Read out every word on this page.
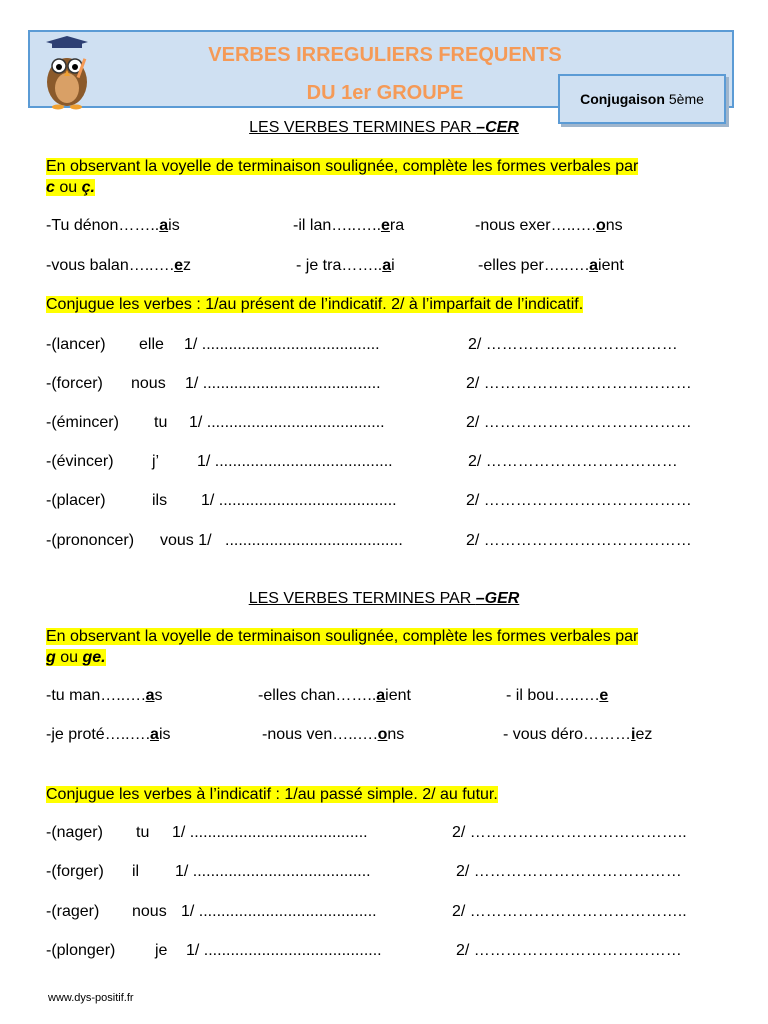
VERBES IRREGULIERS FREQUENTS
DU 1er GROUPE	Conjugaison 5ème
LES VERBES TERMINES PAR –CER
En observant la voyelle de terminaison soulignée, complète les formes verbales par
c ou ç.
-Tu dénon……..ais	-il lan…..…..era	-nous exer…..….ons
-vous balan…..….ez	- je tra……..ai	-elles per…..….aient
Conjugue les verbes : 1/au présent de l’indicatif. 2/ à l’imparfait de l’indicatif.
-(lancer) elle 1/ ........................................	2/ ………………………………
-(forcer) nous 1/ ........................................	2/ …………………………………
-(émincer) tu 1/ ........................................	2/ …………………………………
-(évincer) j’ 1/ ........................................	2/ ………………………………
-(placer)	ils 1/ ........................................	2/ …………………………………
-(prononcer) vous 1/ ........................................	2/ …………………………………
LES VERBES TERMINES PAR –GER
En observant la voyelle de terminaison soulignée, complète les formes verbales par
g ou ge.
-tu man…..….as	-elles chan……..aient	- il bou…..….e
-je proté…..….ais	-nous ven…..….ons	- vous déro………iez
Conjugue les verbes à l’indicatif : 1/au passé simple. 2/ au futur.
-(nager) tu 1/ ........................................	2/ …………………………………..
-(forger) il 1/ ........................................	2/ …………………………………
-(rager) nous 1/ ........................................	2/ …………………………………..
-(plonger) je 1/ ........................................	2/ …………………………………
www.dys-positif.fr
